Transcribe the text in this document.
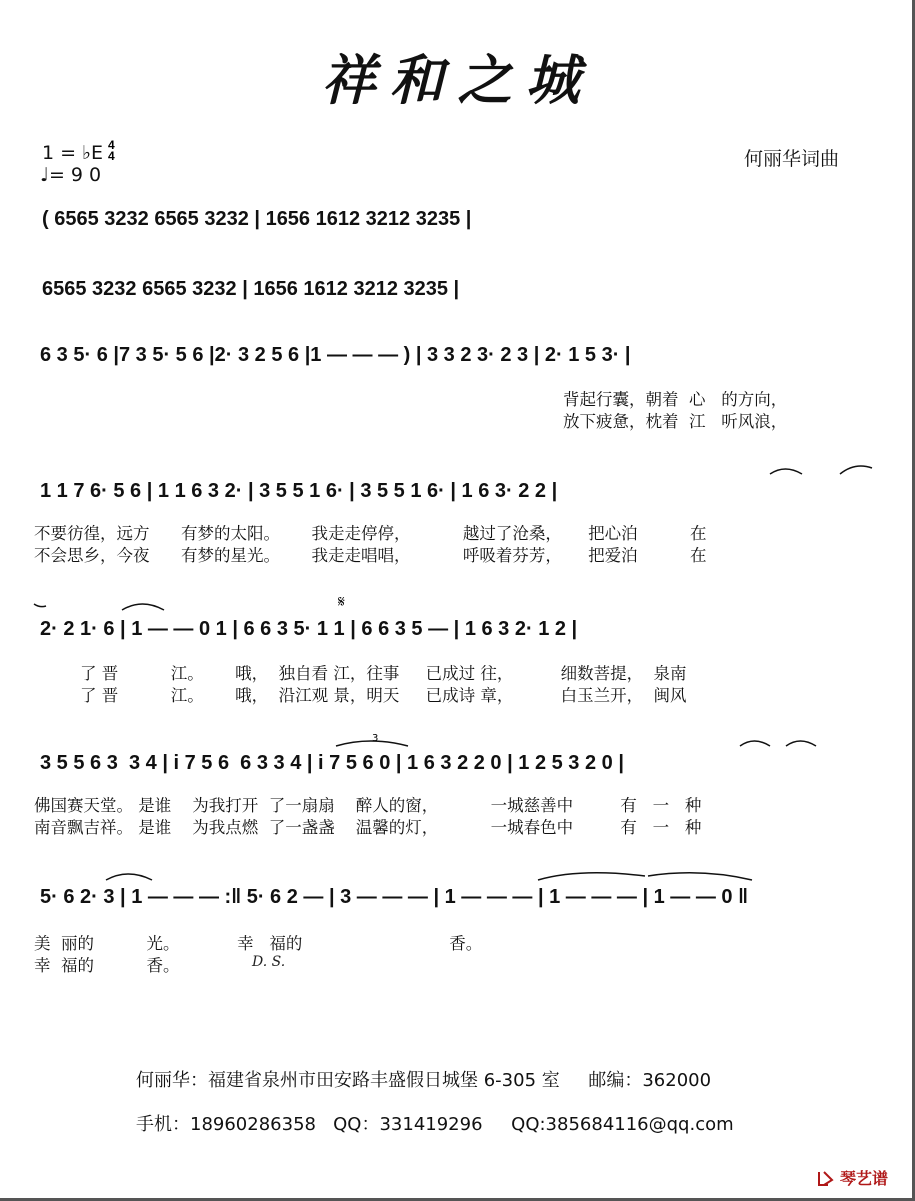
祥和之城
1 = ♭E 4
4
♩= 9 0
何丽华词曲
( 6565 3232 6565 3232 | 1656 1612 3212 3235 |
6565 3232 6565 3232 | 1656 1612 3212 3235 |
6 3 5· 6 |7 3 5· 5 6 |2· 3 2 5 6 |1 — — — ) | 3 3 2 3· 2 3 | 2· 1 5 3· |
背起行囊，朝着  心   的方向，
放下疲惫，枕着  江   听风浪，
1 1 7 6· 5 6 | 1 1 6 3 2· | 3 5 5 1 6· | 3 5 5 1 6· | 1 6 3· 2 2 |
不要彷徨，远方      有梦的太阳。      我走走停停，          越过了沧桑，     把心泊          在
不会思乡，今夜      有梦的星光。      我走走唱唱，          呼吸着芬芳，     把爱泊          在
𝄋
2· 2 1· 6 | 1 — — 0 1 | 6 6 3 5· 1 1 | 6 6 3 5 — | 1 6 3 2· 1 2 |
了 晋          江。      哦，  独自看 江，往事     已成过 往，         细数菩提，  泉南
了 晋          江。      哦，  沿江观 景，明天     已成诗 章，         白玉兰开，  闽风
3
3 5 5 6 3  3 4 | i 7 5 6  6 3 3 4 | i 7 5 6 0 | 1 6 3 2 2 0 | 1 2 5 3 2 0 |
佛国赛天堂。 是谁    为我打开  了一扇扇    醉人的窗，          一城慈善中         有   一   种
南音飘吉祥。 是谁    为我点燃  了一盏盏    温馨的灯，          一城春色中         有   一   种
5· 6 2· 3 | 1 — — — :‖ 5· 6 2 — | 3 — — — | 1 — — — | 1 — — — | 1 — — 0 ‖
美  丽的          光。           幸   福的                            香。
幸  福的          香。	D. S.
何丽华：福建省泉州市田安路丰盛假日城堡 6-305 室     邮编：362000
手机：18960286358   QQ：331419296     QQ:385684116@qq.com
琴艺谱
